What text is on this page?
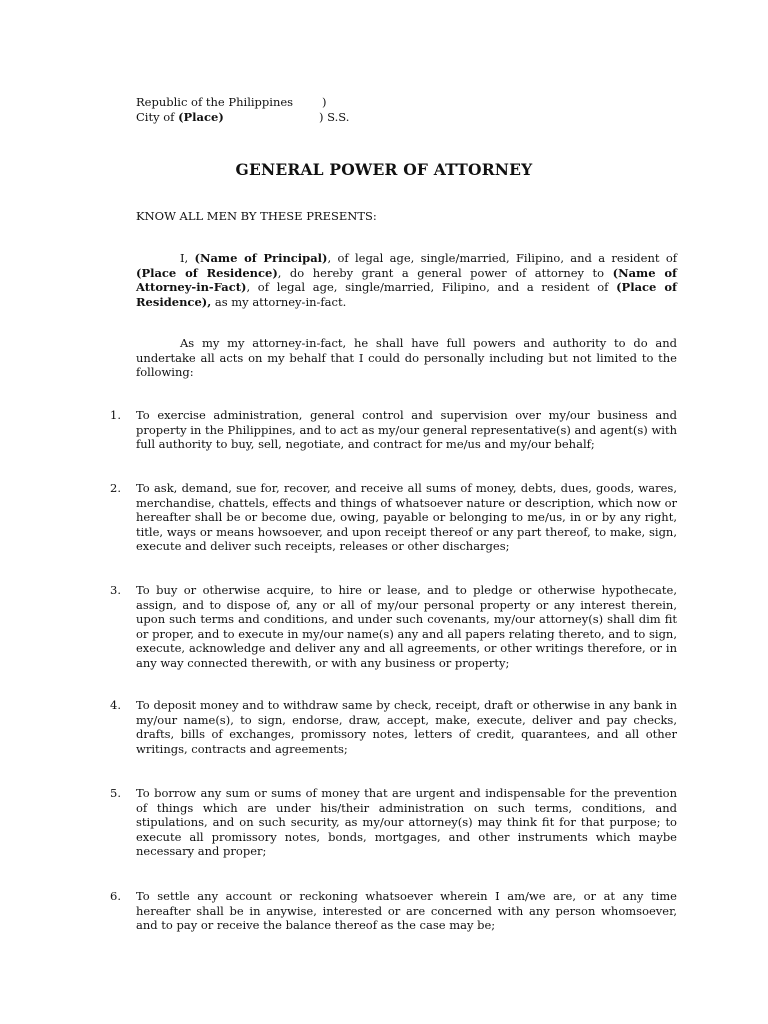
Republic of the Philippines	)
City of (Place)	) S.S.
GENERAL POWER OF ATTORNEY
KNOW ALL MEN BY THESE PRESENTS:
I, (Name of Principal), of legal age, single/married, Filipino, and a resident of (Place of Residence), do hereby grant a general power of attorney to (Name of Attorney-in-Fact), of legal age, single/married, Filipino, and a resident of (Place of Residence), as my attorney-in-fact.
As my my attorney-in-fact, he shall have full powers and authority to do and undertake all acts on my behalf that I could do personally including but not limited to the following:
1.	To exercise administration, general control and supervision over my/our business and property in the Philippines, and to act as my/our general representative(s) and agent(s) with full authority to buy, sell, negotiate, and contract for me/us and my/our behalf;
2.	To ask, demand, sue for, recover, and receive all sums of money, debts, dues, goods, wares, merchandise, chattels, effects and things of whatsoever nature or description, which now or hereafter shall be or become due, owing, payable or belonging to me/us, in or by any right, title, ways or means howsoever, and upon receipt thereof or any part thereof, to make, sign, execute and deliver such receipts, releases or other discharges;
3.	To buy or otherwise acquire, to hire or lease, and to pledge or otherwise hypothecate, assign, and to dispose of, any or all of my/our personal property or any interest therein, upon such terms and conditions, and under such covenants, my/our attorney(s) shall dim fit or proper, and to execute in my/our name(s) any and all papers relating thereto, and to sign, execute, acknowledge and deliver any and all agreements, or other writings therefore, or in any way connected therewith, or with any business or property;
4.	To deposit money and to withdraw same by check, receipt, draft or otherwise in any bank in my/our name(s), to sign, endorse, draw, accept, make, execute, deliver and pay checks, drafts, bills of exchanges, promissory notes, letters of credit, quarantees, and all other writings, contracts and agreements;
5.	To borrow any sum or sums of money that are urgent and indispensable for the prevention of things which are under his/their administration on such terms, conditions, and stipulations, and on such security, as my/our attorney(s) may think fit for that purpose; to execute all promissory notes, bonds, mortgages, and other instruments which maybe necessary and proper;
6.	To settle any account or reckoning whatsoever wherein I am/we are, or at any time hereafter shall be in anywise, interested or are concerned with any person whomsoever, and to pay or receive the balance thereof as the case may be;
